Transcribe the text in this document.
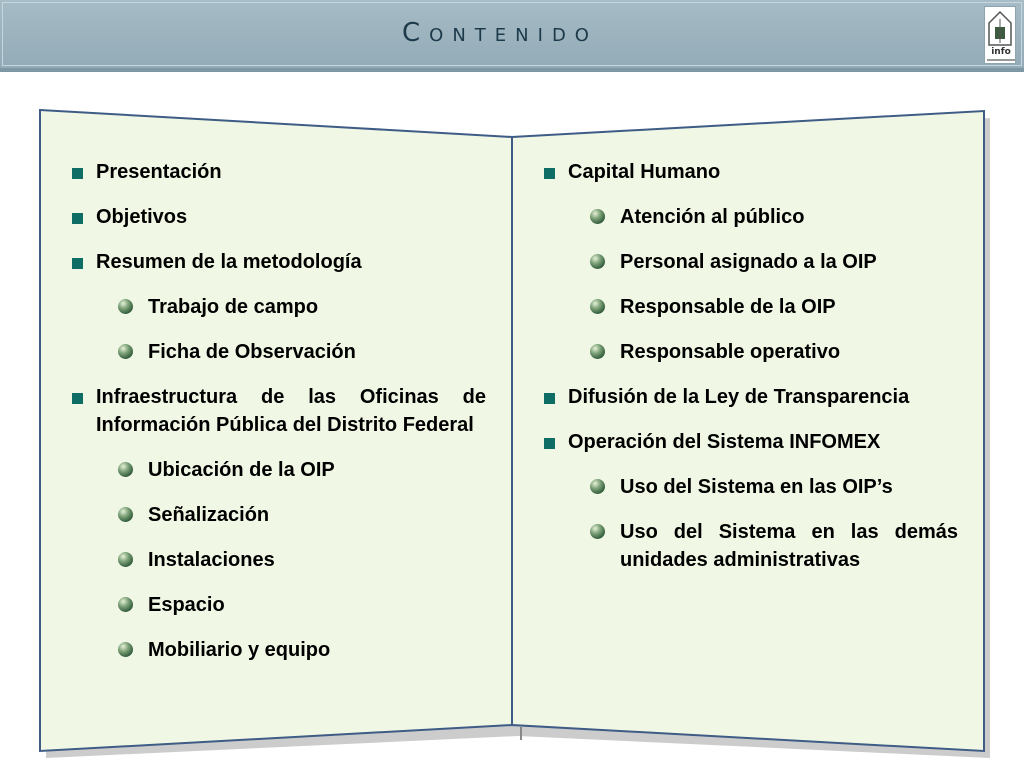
Contenido
info
Presentación
Objetivos
Resumen de la metodología
Trabajo de campo
Ficha de Observación
Infraestructura de las Oficinas de Información Pública del Distrito Federal
Ubicación de la OIP
Señalización
Instalaciones
Espacio
Mobiliario y equipo
Capital Humano
Atención al público
Personal asignado a la OIP
Responsable de la OIP
Responsable operativo
Difusión de la Ley de Transparencia
Operación del Sistema INFOMEX
Uso del Sistema en las OIP’s
Uso del Sistema en las demás unidades administrativas
